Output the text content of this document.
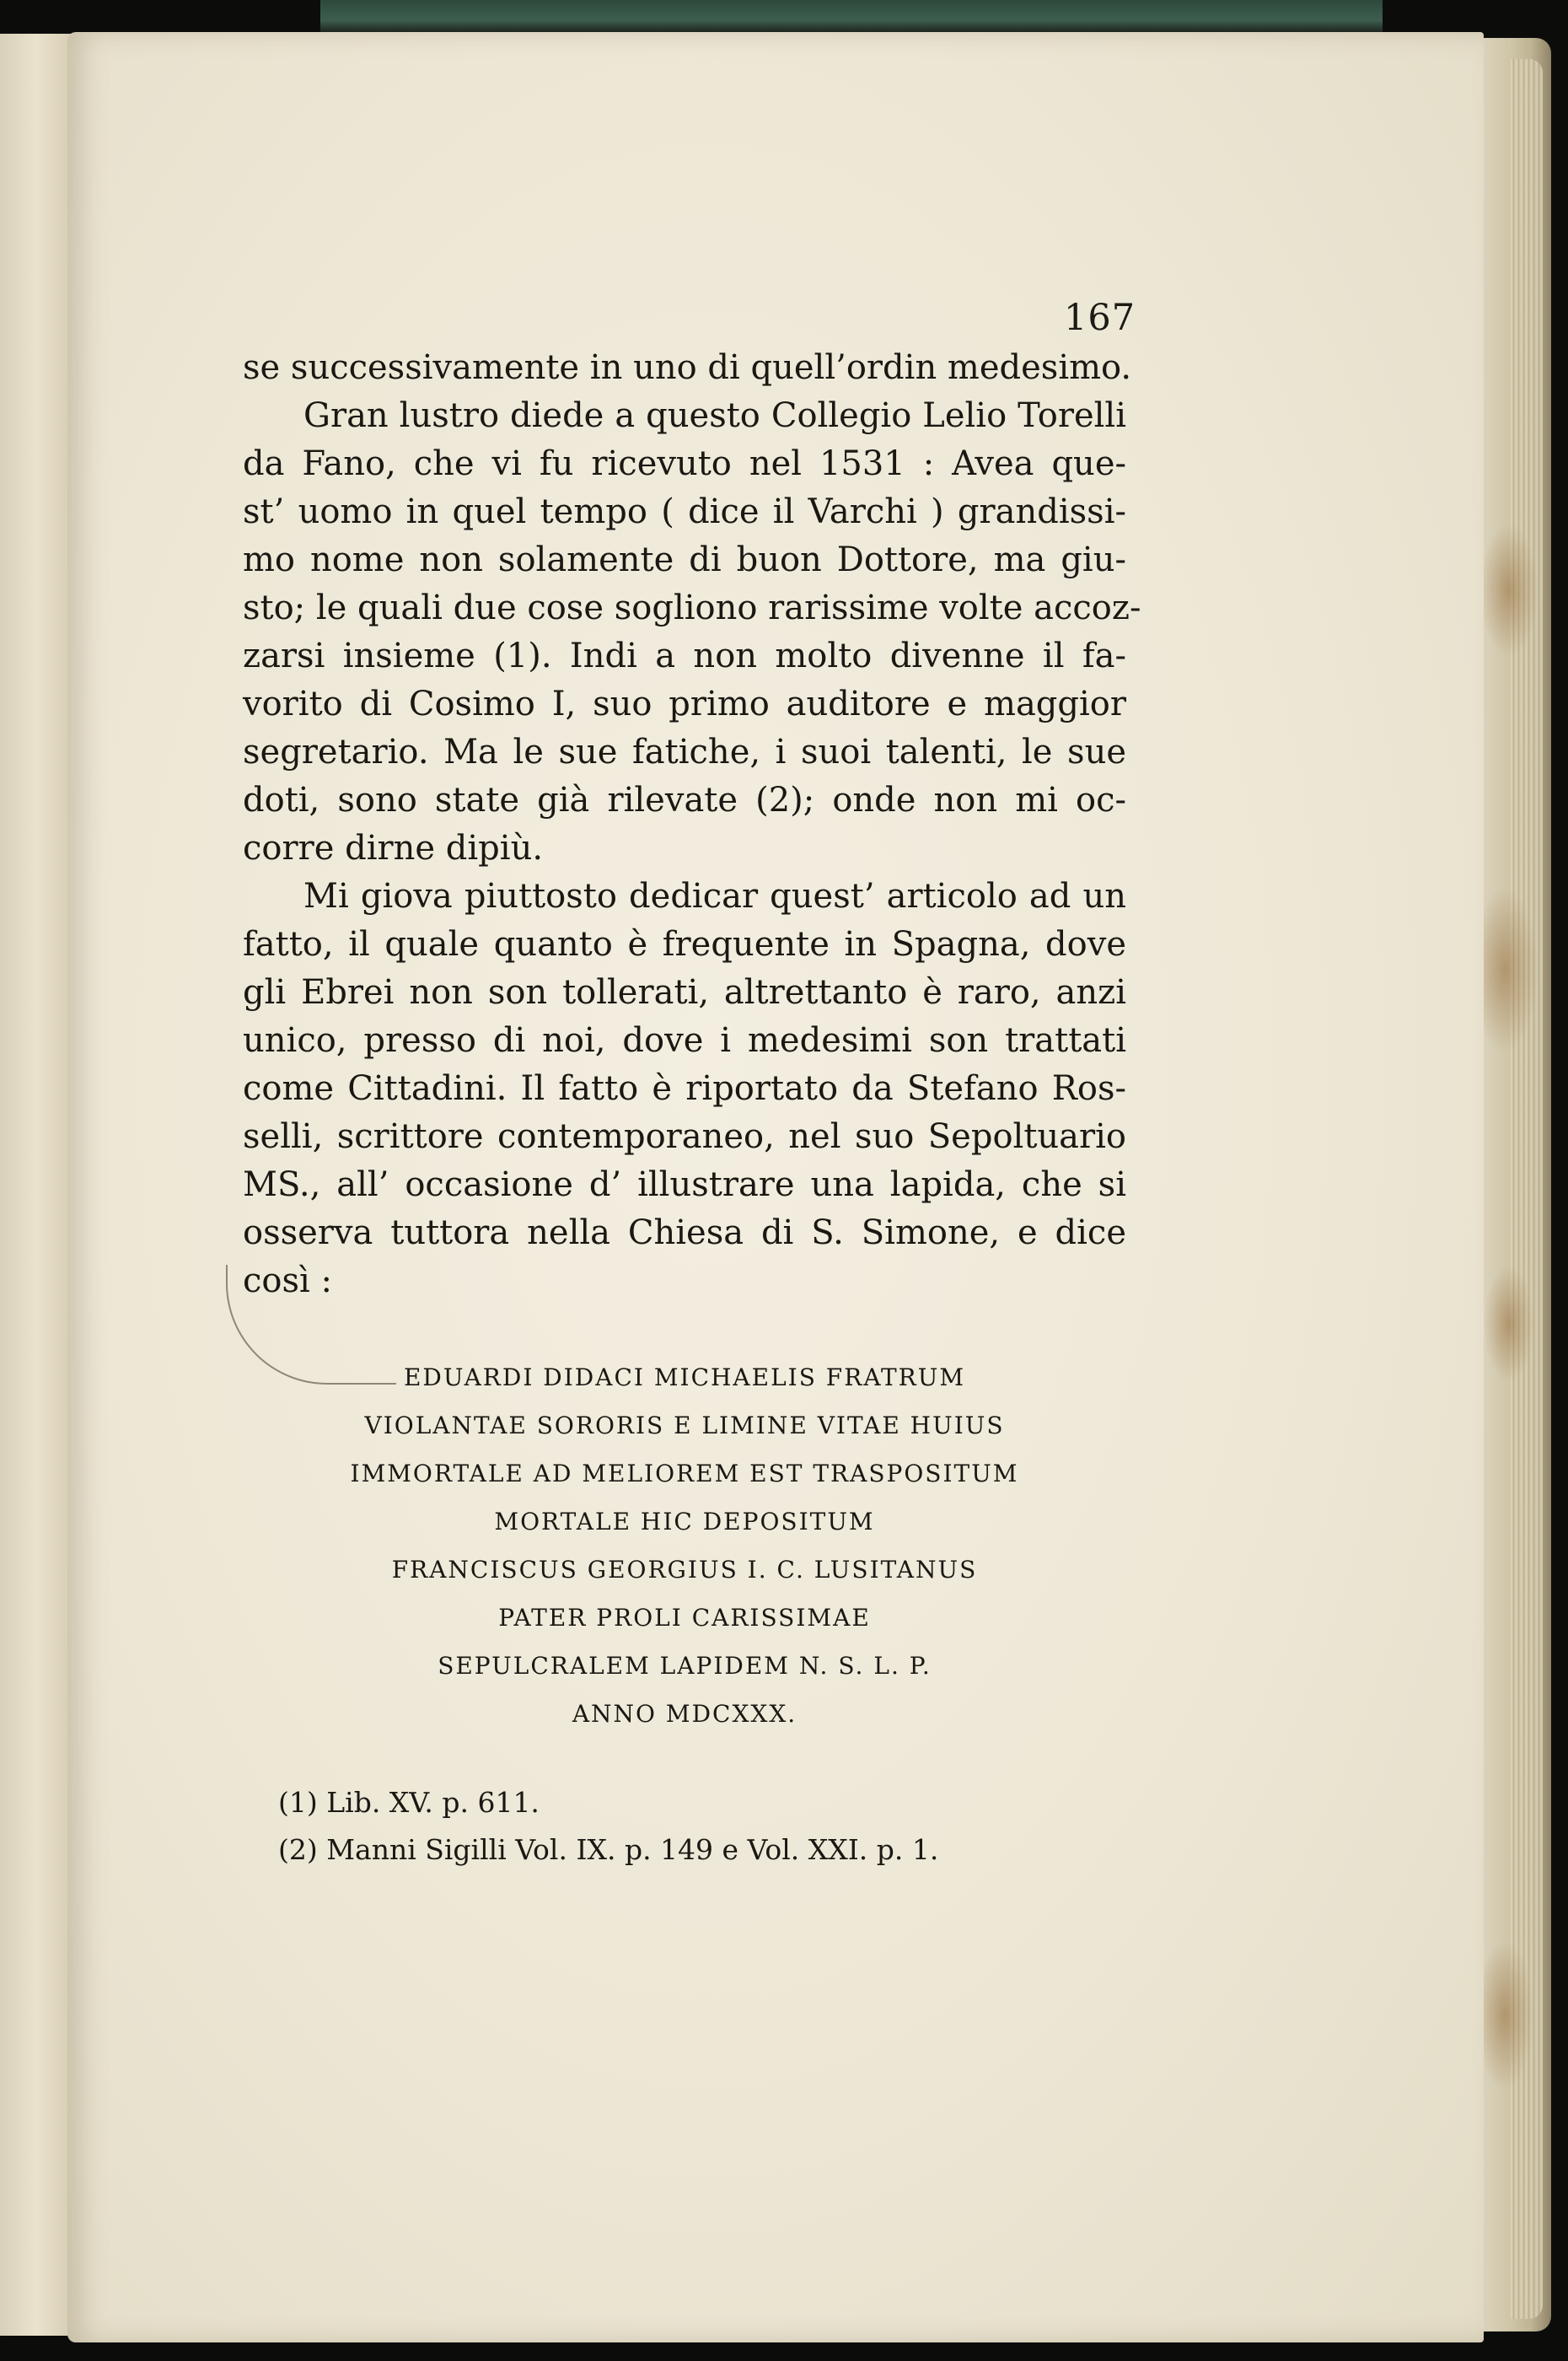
167
se successivamente in uno di quell’ordin medesimo.
Gran lustro diede a questo Collegio Lelio Torelli
da Fano, che vi fu ricevuto nel 1531 : Avea que-
st’ uomo in quel tempo ( dice il Varchi ) grandissi-
mo nome non solamente di buon Dottore, ma giu-
sto; le quali due cose sogliono rarissime volte accoz-
zarsi insieme (1). Indi a non molto divenne il fa-
vorito di Cosimo I, suo primo auditore e maggior
segretario. Ma le sue fatiche, i suoi talenti, le sue
doti, sono state già rilevate (2); onde non mi oc-
corre dirne dipiù.
Mi giova piuttosto dedicar quest’ articolo ad un
fatto, il quale quanto è frequente in Spagna, dove
gli Ebrei non son tollerati, altrettanto è raro, anzi
unico, presso di noi, dove i medesimi son trattati
come Cittadini. Il fatto è riportato da Stefano Ros-
selli, scrittore contemporaneo, nel suo Sepoltuario
MS., all’ occasione d’ illustrare una lapida, che si
osserva tuttora nella Chiesa di S. Simone, e dice
così :
EDUARDI DIDACI MICHAELIS FRATRUM
VIOLANTAE SORORIS E LIMINE VITAE HUIUS
IMMORTALE AD MELIOREM EST TRASPOSITUM
MORTALE HIC DEPOSITUM
FRANCISCUS GEORGIUS I. C. LUSITANUS
PATER PROLI CARISSIMAE
SEPULCRALEM LAPIDEM N. S. L. P.
ANNO MDCXXX.
(1) Lib. XV. p. 611.
(2) Manni Sigilli Vol. IX. p. 149 e Vol. XXI. p. 1.
